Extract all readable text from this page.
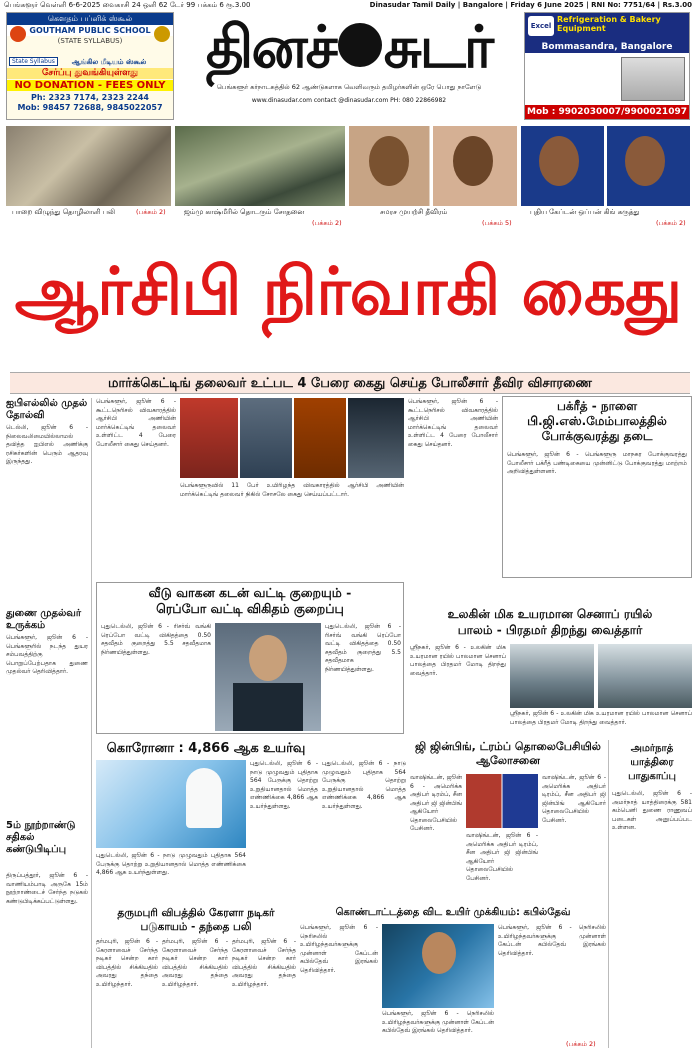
பெங்களூர் வெள்ளி 6-6-2025 வைகாசி 24 ஒளி 62 டேர் 99 பக்கம் 6 ரூ.3.00	Dinasudar Tamil Daily | Bangalore | Friday 6 June 2025 | RNI No: 7751/64 | Rs.3.00
கௌதம் பப்ளிக் ஸ்கூல்
GOUTHAM PUBLIC SCHOOL
(STATE SYLLABUS)
State Syllabus	ஆங்கில மீடியம் ஸ்கூல்
சேர்ப்பு துவங்கியுள்ளது
NO DONATION - FEES ONLY
Ph: 2323 7174, 2323 2244
Mob: 98457 72688, 9845022057
தினச் சுடர்
பெங்களூர் கர்நாடகத்தில் 62 ஆண்டுகளாக வெளிவரும் தமிழர்களின் ஒரே பொது நாளேடு
www.dinasudar.com contact @dinasudar.com PH: 080 22866982
Excel
Refrigeration & Bakery Equipment
Bommasandra, Bangalore
Mob : 9902030007/9900021097
பாறை விழுந்து தொழிலாளி பலி	(பக்கம் 2)	ஜம்மு காஷ்மீரில் தொடரும் சோதனை
(பக்கம் 2)
சமரச முயற்சி தீவிரம்
(பக்கம் 5)
புதிய கேப்டன் ஒப்பன் கிங் கருத்து
(பக்கம் 2)
ஆர்சிபி நிர்வாகி கைது
மார்க்கெட்டிங் தலைவர் உட்பட 4 பேரை கைது செய்த போலீசார் தீவிர விசாரணை
ஐபிஎல்லில் முதல் தோல்வி
டெல்லி, ஜூன் 6 - நிலைவலிமையில்லாமல் தவித்த ஐபிஎல் அணிக்கு ரசிகர்களின் பெரும் ஆதரவு இருந்தது.
துணை முதல்வர் உருக்கம்
பெங்களூர், ஜூன் 6 - பெங்களூரில் நடந்த துயர சம்பவத்திற்கு பொறுப்பேற்பதாக துணை முதல்வர் தெரிவித்தார்.
5ம் நூற்றாண்டு சதிகல் கண்டுபிடிப்பு
திருப்பத்தூர், ஜூன் 6 - வாணியம்பாடி அருகே 15ம் நூற்றாண்டைச் சேர்ந்த நடுகல் கண்டுபிடிக்கப்பட்டுள்ளது.
பெங்களூர், ஜூன் 6 - கூட்டநெரிசல் விவகாரத்தில் ஆர்சிபி அணியின் மார்க்கெட்டிங் தலைவர் உள்ளிட்ட 4 பேரை போலீசார் கைது செய்தனர்.
பெங்களூருவில் 11 பேர் உயிரிழந்த விவகாரத்தில் ஆர்சிபி அணியின் மார்க்கெட்டிங் தலைவர் நிகில் சோசலே கைது செய்யப்பட்டார்.
பெங்களூர், ஜூன் 6 - கூட்டநெரிசல் விவகாரத்தில் ஆர்சிபி அணியின் மார்க்கெட்டிங் தலைவர் உள்ளிட்ட 4 பேரை போலீசார் கைது செய்தனர்.
பக்ரீத் - நாளை
பி.ஜி.எஸ்.மேம்பாலத்தில்
போக்குவரத்து தடை
பெங்களூர், ஜூன் 6 - பெங்களூரு மாநகர போக்குவரத்து போலீசார் பக்ரீத் பண்டிகையை முன்னிட்டு போக்குவரத்து மாற்றம் அறிவித்துள்ளனர்.
வீடு வாகன கடன் வட்டி குறையும் -
ரெப்போ வட்டி விகிதம் குறைப்பு
புதுடெல்லி, ஜூன் 6 - ரிசர்வ் வங்கி ரெப்போ வட்டி விகிதத்தை 0.50 சதவீதம் குறைத்து 5.5 சதவீதமாக நிர்ணயித்துள்ளது.
புதுடெல்லி, ஜூன் 6 - ரிசர்வ் வங்கி ரெப்போ வட்டி விகிதத்தை 0.50 சதவீதம் குறைத்து 5.5 சதவீதமாக நிர்ணயித்துள்ளது.
உலகின் மிக உயரமான செனாப் ரயில்
பாலம் - பிரதமர் திறந்து வைத்தார்
ஸ்ரீநகர், ஜூன் 6 - உலகின் மிக உயரமான ரயில் பாலமான செனாப் பாலத்தை பிரதமர் மோடி திறந்து வைத்தார்.
ஸ்ரீநகர், ஜூன் 6 - உலகின் மிக உயரமான ரயில் பாலமான செனாப் பாலத்தை பிரதமர் மோடி திறந்து வைத்தார்.
கொரோனா : 4,866 ஆக உயர்வு
புதுடெல்லி, ஜூன் 6 - நாடு முழுவதும் புதிதாக 564 பேருக்கு தொற்று உறுதியானதால் மொத்த எண்ணிக்கை 4,866 ஆக உயர்ந்துள்ளது.
புதுடெல்லி, ஜூன் 6 - நாடு முழுவதும் புதிதாக 564 பேருக்கு தொற்று உறுதியானதால் மொத்த எண்ணிக்கை 4,866 ஆக உயர்ந்துள்ளது.
புதுடெல்லி, ஜூன் 6 - நாடு முழுவதும் புதிதாக 564 பேருக்கு தொற்று உறுதியானதால் மொத்த எண்ணிக்கை 4,866 ஆக உயர்ந்துள்ளது.
ஜி ஜின்பிங், ட்ரம்ப் தொலைபேசியில் ஆலோசனை
வாஷிங்டன், ஜூன் 6 - அமெரிக்க அதிபர் டிரம்ப், சீன அதிபர் ஜி ஜின்பிங் ஆகியோர் தொலைபேசியில் பேசினர்.
வாஷிங்டன், ஜூன் 6 - அமெரிக்க அதிபர் டிரம்ப், சீன அதிபர் ஜி ஜின்பிங் ஆகியோர் தொலைபேசியில் பேசினர்.
வாஷிங்டன், ஜூன் 6 - அமெரிக்க அதிபர் டிரம்ப், சீன அதிபர் ஜி ஜின்பிங் ஆகியோர் தொலைபேசியில் பேசினர்.
அமர்நாத்
யாத்திரை
பாதுகாப்பு
புதுடெல்லி, ஜூன் 6 - அமர்நாத் யாத்திரைக்கு 581 கம்பெனி துணை ராணுவப் படைகள் அனுப்பப்பட உள்ளன.
தருமபுரி விபத்தில் கேரளா நடிகர்
படுகாயம் - தந்தை பலி
தர்மபுரி, ஜூன் 6 - கேரளாவைச் சேர்ந்த நடிகர் சென்ற கார் விபத்தில் சிக்கியதில் அவரது தந்தை உயிரிழந்தார்.
தர்மபுரி, ஜூன் 6 - கேரளாவைச் சேர்ந்த நடிகர் சென்ற கார் விபத்தில் சிக்கியதில் அவரது தந்தை உயிரிழந்தார்.
தர்மபுரி, ஜூன் 6 - கேரளாவைச் சேர்ந்த நடிகர் சென்ற கார் விபத்தில் சிக்கியதில் அவரது தந்தை உயிரிழந்தார்.
கொண்டாட்டத்தை விட உயிர் முக்கியம்: கபில்தேவ்
பெங்களூர், ஜூன் 6 - நெரிசலில் உயிரிழந்தவர்களுக்கு முன்னாள் கேப்டன் கபில்தேவ் இரங்கல் தெரிவித்தார்.
பெங்களூர், ஜூன் 6 - நெரிசலில் உயிரிழந்தவர்களுக்கு முன்னாள் கேப்டன் கபில்தேவ் இரங்கல் தெரிவித்தார்.
பெங்களூர், ஜூன் 6 - நெரிசலில் உயிரிழந்தவர்களுக்கு முன்னாள் கேப்டன் கபில்தேவ் இரங்கல் தெரிவித்தார்.
(பக்கம் 2)
